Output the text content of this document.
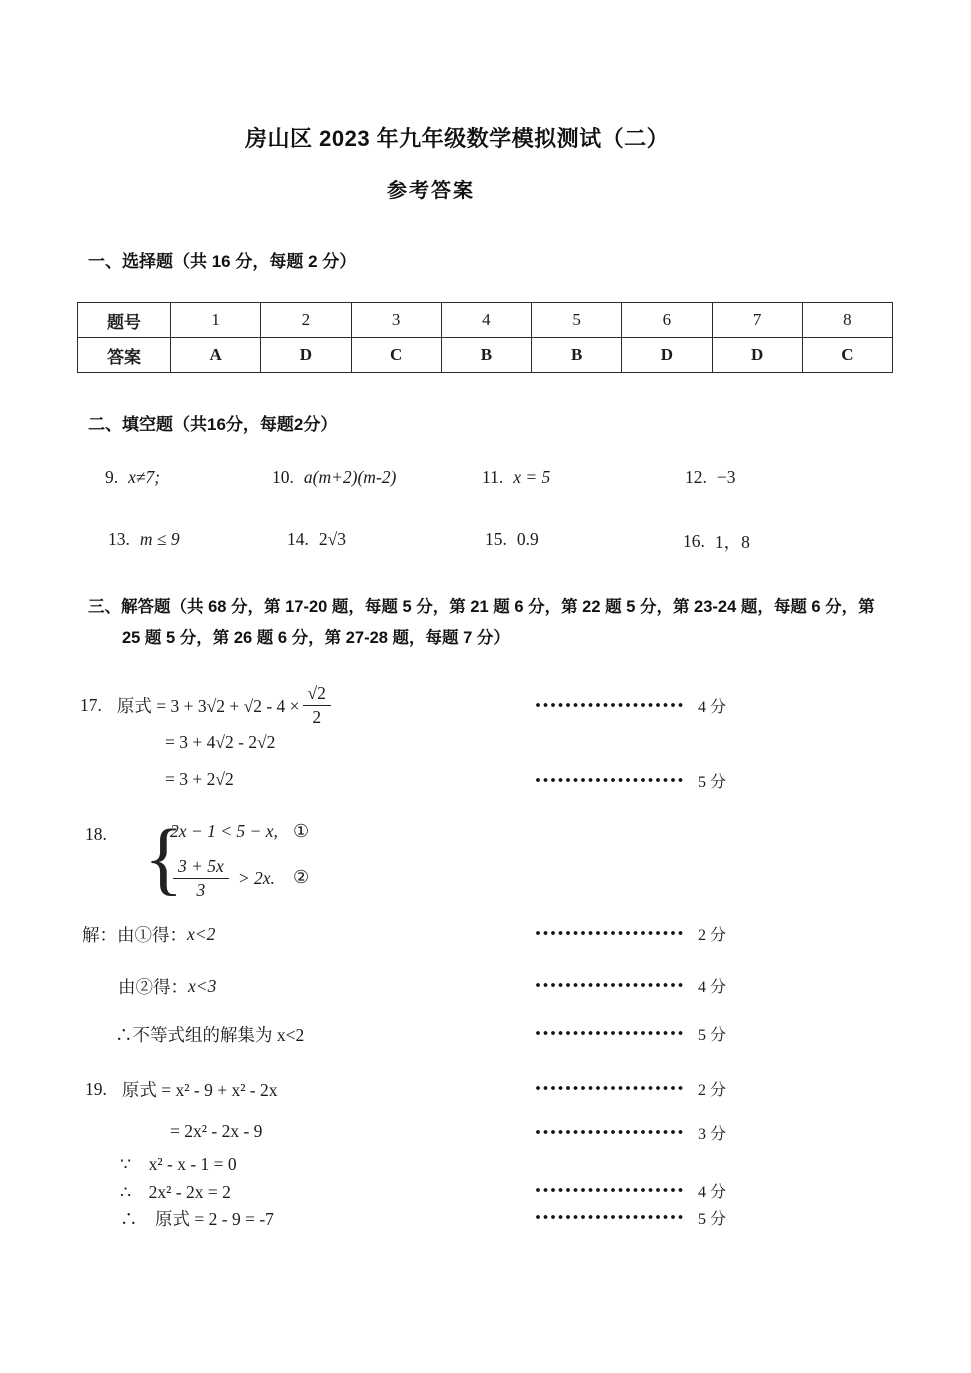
房山区 2023 年九年级数学模拟测试（二）
参考答案
一、选择题（共 16 分，每题 2 分）
题号	1	2	3	4	5	6	7	8
答案	A	D	C	B	B	D	D	C
二、填空题（共16分，每题2分）
9. x≠7;	10. a(m+2)(m-2)	11. x = 5	12. −3
13. m ≤ 9	14. 2√3	15. 0.9	16. 1，8
三、解答题（共 68 分，第 17-20 题，每题 5 分，第 21 题 6 分，第 22 题 5 分，第 23-24 题，每题 6 分，第
25 题 5 分，第 26 题 6 分，第 27-28 题，每题 7 分）
17. 原式 = $3 + 3√2 + √2 - 4 \times \frac{√2}{2}$	4 分
= 3 + 4√2 - 2√2
= 3 + 2√2	5 分
18. {
2x − 1 < 5 − x, ①
$\frac{3 + 5x}{3} > 2x$. ②
解：由①得： x<2	2 分
由②得： x<3	4 分
∴不等式组的解集为 x<2	5 分
19. 原式 = x² - 9 + x² - 2x	2 分
= 2x² - 2x - 9	3 分
∵　x² - x - 1 = 0
∴　2x² - 2x = 2	4 分
∴　原式 = 2 - 9 = -7	5 分
